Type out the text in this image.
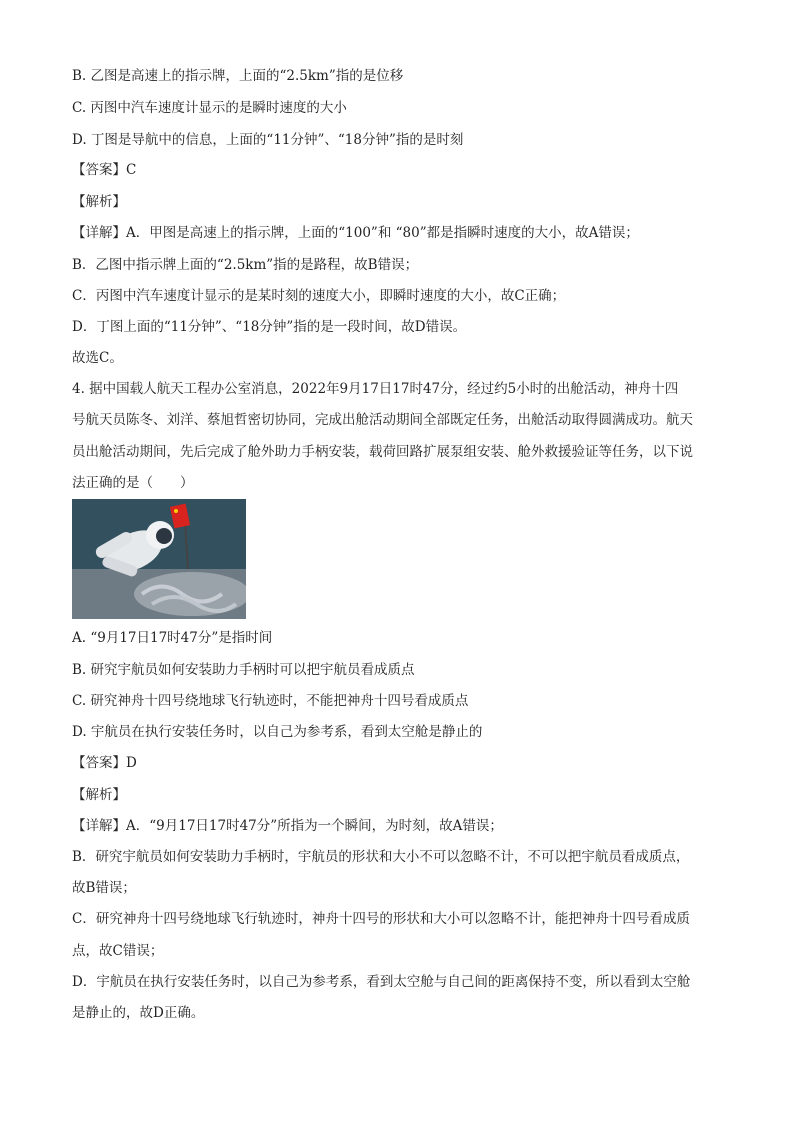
B. 乙图是高速上的指示牌，上面的“2.5km”指的是位移
C. 丙图中汽车速度计显示的是瞬时速度的大小
D. 丁图是导航中的信息，上面的“11分钟”、“18分钟”指的是时刻
【答案】C
【解析】
【详解】A．甲图是高速上的指示牌，上面的“100”和 “80”都是指瞬时速度的大小，故A错误；
B．乙图中指示牌上面的“2.5km”指的是路程，故B错误；
C．丙图中汽车速度计显示的是某时刻的速度大小，即瞬时速度的大小，故C正确；
D．丁图上面的“11分钟”、“18分钟”指的是一段时间，故D错误。
故选C。
4. 据中国载人航天工程办公室消息，2022年9月17日17时47分，经过约5小时的出舱活动，神舟十四
号航天员陈冬、刘洋、蔡旭哲密切协同，完成出舱活动期间全部既定任务，出舱活动取得圆满成功。航天
员出舱活动期间，先后完成了舱外助力手柄安装，载荷回路扩展泵组安装、舱外救援验证等任务，以下说
法正确的是（　　）
A. “9月17日17时47分”是指时间
B. 研究宇航员如何安装助力手柄时可以把宇航员看成质点
C. 研究神舟十四号绕地球飞行轨迹时，不能把神舟十四号看成质点
D. 宇航员在执行安装任务时，以自己为参考系，看到太空舱是静止的
【答案】D
【解析】
【详解】A．“9月17日17时47分”所指为一个瞬间，为时刻，故A错误；
B．研究宇航员如何安装助力手柄时，宇航员的形状和大小不可以忽略不计，不可以把宇航员看成质点，
故B错误；
C．研究神舟十四号绕地球飞行轨迹时，神舟十四号的形状和大小可以忽略不计，能把神舟十四号看成质
点，故C错误；
D．宇航员在执行安装任务时，以自己为参考系，看到太空舱与自己间的距离保持不变，所以看到太空舱
是静止的，故D正确。
